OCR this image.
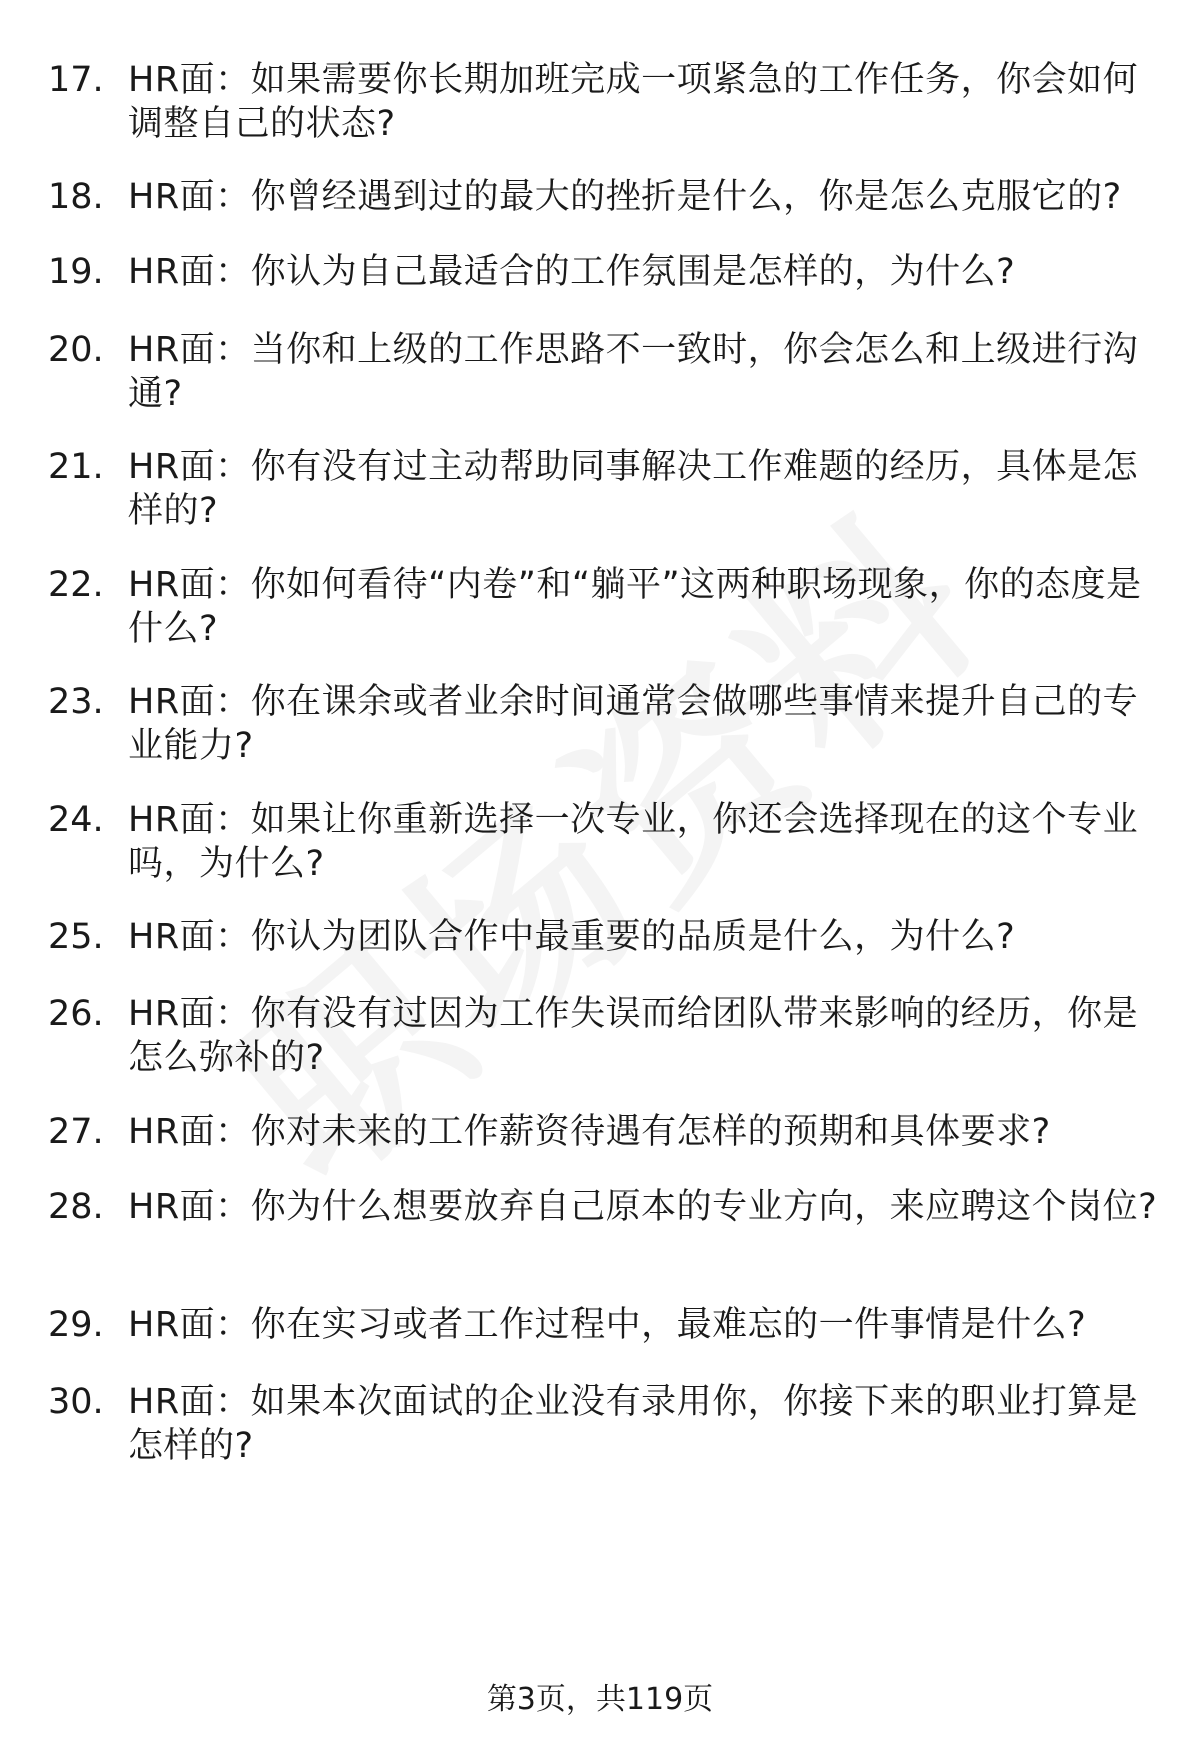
17. HR面：如果需要你长期加班完成一项紧急的工作任务，你会如何调整自己的状态?
18. HR面：你曾经遇到过的最大的挫折是什么，你是怎么克服它的?
19. HR面：你认为自己最适合的工作氛围是怎样的，为什么?
20. HR面：当你和上级的工作思路不一致时，你会怎么和上级进行沟通?
21. HR面：你有没有过主动帮助同事解决工作难题的经历，具体是怎样的?
22. HR面：你如何看待“内卷”和“躺平”这两种职场现象，你的态度是什么?
23. HR面：你在课余或者业余时间通常会做哪些事情来提升自己的专业能力?
24. HR面：如果让你重新选择一次专业，你还会选择现在的这个专业吗，为什么?
25. HR面：你认为团队合作中最重要的品质是什么，为什么?
26. HR面：你有没有过因为工作失误而给团队带来影响的经历，你是怎么弥补的?
27. HR面：你对未来的工作薪资待遇有怎样的预期和具体要求?
28. HR面：你为什么想要放弃自己原本的专业方向，来应聘这个岗位?
29. HR面：你在实习或者工作过程中，最难忘的一件事情是什么?
30. HR面：如果本次面试的企业没有录用你，你接下来的职业打算是怎样的?
第3页，共119页
